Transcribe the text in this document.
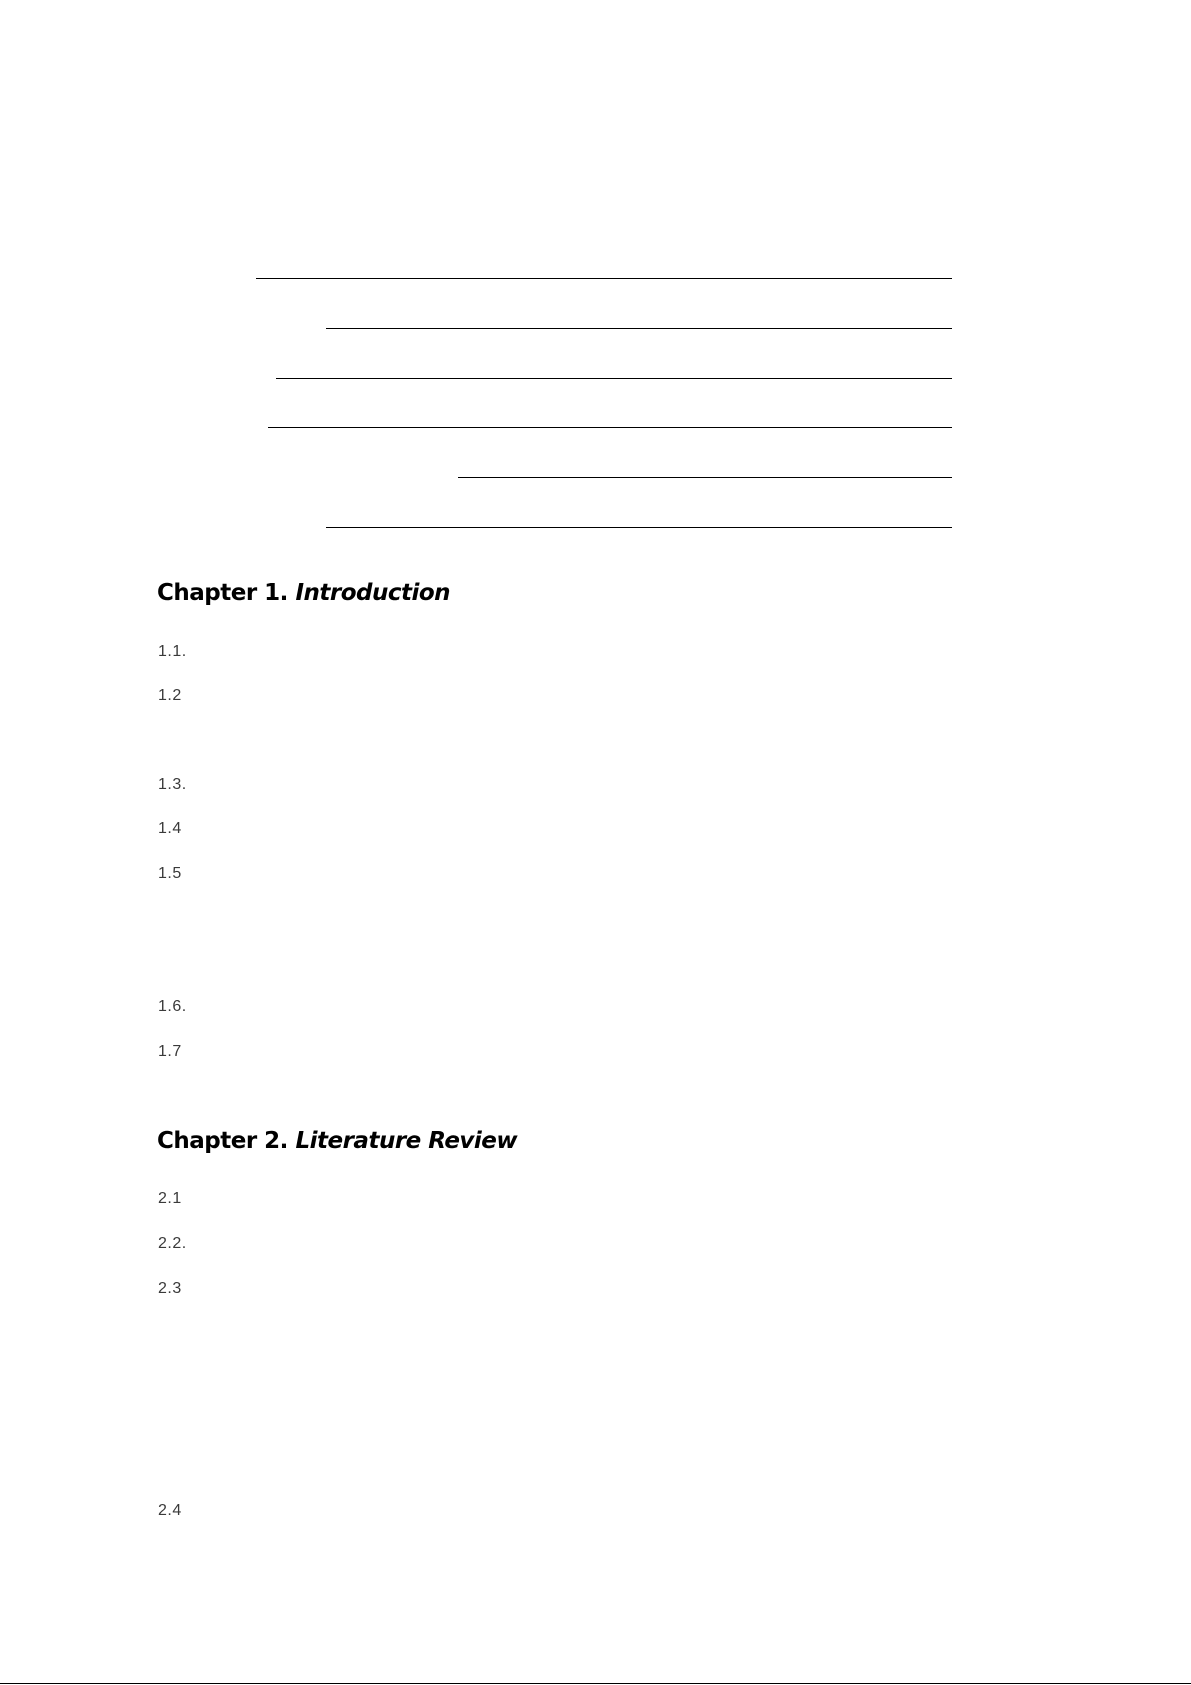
Chapter 1. Introduction
1.1.
1.2
1.3.
1.4
1.5
1.6.
1.7
Chapter 2. Literature Review
2.1
2.2.
2.3
2.4
